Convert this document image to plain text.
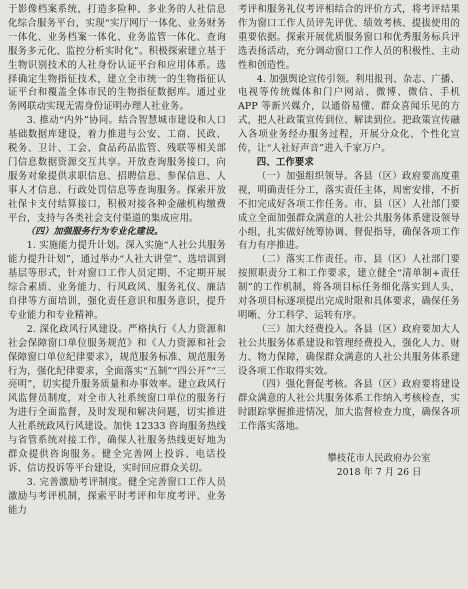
于影像档案系统，打造多险种、多业务的人社信息化综合服务平台，实现“实厅网厅一体化、业务财务一体化、业务档案一体化、业务监管一体化、查询服务多元化、监控分析实时化”。积极探索建立基于生物识别技术的人社身份认证平台和应用体系。选择确定生物指征技术，建立全市统一的生物指征认证平台和覆盖全体市民的生物指征数据库。通过业务网联动实现无需身份证明办理人社业务。

3. 推动“内外”协同。结合智慧城市建设和人口基础数据库建设，着力推进与公安、工商、民政、税务、卫计、工会、食品药品监管、残联等相关部门信息数据资源交互共享。开放查询服务接口，向服务对象提供求职信息、招聘信息、参保信息、人事人才信息、行政处罚信息等查询服务。探索开放社保卡支付结算接口，积极对接各种金融机构缴费平台，支持与各类社会支付渠道的集成应用。

（四）加强服务行为专业化建设。

1. 实施能力提升计划。深入实施“人社公共服务能力提升计划”，通过举办“人社大讲堂”、选培训到基层等形式，针对窗口工作人员定期、不定期开展综合素质、业务能力、行风政风、服务礼仪、廉洁自律等方面培训，强化责任意识和服务意识，提升专业能力和专业精神。

2. 深化政风行风建设。严格执行《人力资源和社会保障窗口单位服务规范》和《人力资源和社会保障窗口单位纪律要求》，规范服务标准、规范服务行为，强化纪律要求，全面落实“五制”“四公开”“三亮明”，切实提升服务质量和办事效率。建立政风行风监督员制度，对全市人社系统窗口单位的服务行为进行全面监督，及时发现和解决问题，切实推进人社系统政风行风建设。加快 12333 咨询服务热线与省管系统对接工作，确保人社服务热线更好地为群众提供咨询服务。健全完善网上投诉、电话投诉、信访投诉等平台建设，实时回应群众关切。

3. 完善激励考评制度。健全完善窗口工作人员激励与考评机制，探索平时考评和年度考评、业务能力

考评和服务礼仪考评相结合的评价方式，将考评结果作为窗口工作人员评先评优、绩效考核、提拔使用的重要依据。探索开展优质服务窗口和优秀服务标兵评选表扬活动，充分调动窗口工作人员的积极性、主动性和创造性。

4. 加强舆论宣传引领。利用报刊、杂志、广播、电视等传统媒体和门户网站、微博、微信、手机 APP 等新兴媒介，以通俗易懂、群众喜闻乐见的方式，把人社政策宣传到位、解读到位。把政策宣传融入各项业务经办服务过程，开展分众化、个性化宣传，让“人社好声音”进入千家万户。

四、工作要求

（一）加强组织领导。各县（区）政府要高度重视，明确责任分工，落实责任主体，周密安排，不折不扣完成好各项工作任务。市、县（区）人社部门要成立全面加强群众满意的人社公共服务体系建设领导小组，扎实做好统筹协调、督促指导，确保各项工作有力有序推进。

（二）落实工作责任。市、县（区）人社部门要按照职责分工和工作要求，建立健全“清单制+责任制”的工作机制，将各项目标任务细化落实到人头，对各项目标逐项提出完成时限和具体要求，确保任务明晰、分工科学、运转有序。

（三）加大经费投入。各县（区）政府要加大人社公共服务体系建设和管理经费投入，强化人力、财力、物力保障，确保群众满意的人社公共服务体系建设各项工作取得实效。

（四）强化督促考核。各县（区）政府要将建设群众满意的人社公共服务体系工作纳入考核检查，实时跟踪掌握推进情况，加大监督检查力度，确保各项工作落实落地。

攀枝花市人民政府办公室
2018 年 7 月 26 日
